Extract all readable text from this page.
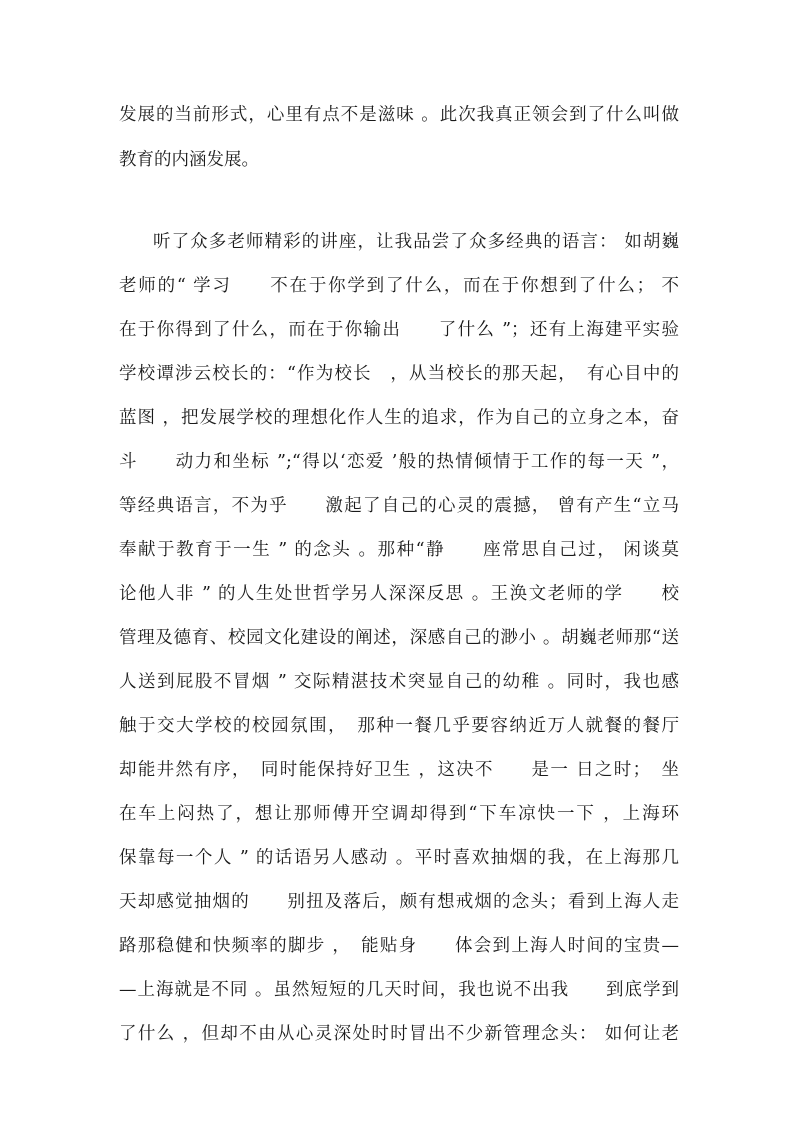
发展的当前形式，心里有点不是滋味 。此次我真正领会到了什么叫做
教育的内涵发展。
听了众多老师精彩的讲座，让我品尝了众多经典的语言： 如胡巍
老师的“ 学习　　不在于你学到了什么，而在于你想到了什么； 不
在于你得到了什么，而在于你输出　　了什么 ”；还有上海建平实验
学校谭涉云校长的：“作为校长　，从当校长的那天起，　有心目中的
蓝图 ，把发展学校的理想化作人生的追求，作为自己的立身之本，奋
斗　　动力和坐标 ”;“得以‘恋爱 ’般的热情倾情于工作的每一天 ”，
等经典语言，不为乎　　激起了自己的心灵的震撼， 曾有产生“立马
奉献于教育于一生 ” 的念头 。那种“静　　座常思自己过， 闲谈莫
论他人非 ” 的人生处世哲学另人深深反思 。王涣文老师的学　　校
管理及德育、校园文化建设的阐述，深感自己的渺小 。胡巍老师那“送
人送到屁股不冒烟 ” 交际精湛技术突显自己的幼稚 。同时，我也感
触于交大学校的校园氛围，　那种一餐几乎要容纳近万人就餐的餐厅
却能井然有序，　同时能保持好卫生 ，这决不　　是一 日之时；　坐
在车上闷热了，想让那师傅开空调却得到“下车凉快一下 ，上海环
保靠每一个人 ” 的话语另人感动 。平时喜欢抽烟的我，在上海那几
天却感觉抽烟的　　别扭及落后，颇有想戒烟的念头；看到上海人走
路那稳健和快频率的脚步 ，　能贴身　　体会到上海人时间的宝贵—
—上海就是不同 。虽然短短的几天时间，我也说不出我　　到底学到
了什么 ，但却不由从心灵深处时时冒出不少新管理念头： 如何让老
